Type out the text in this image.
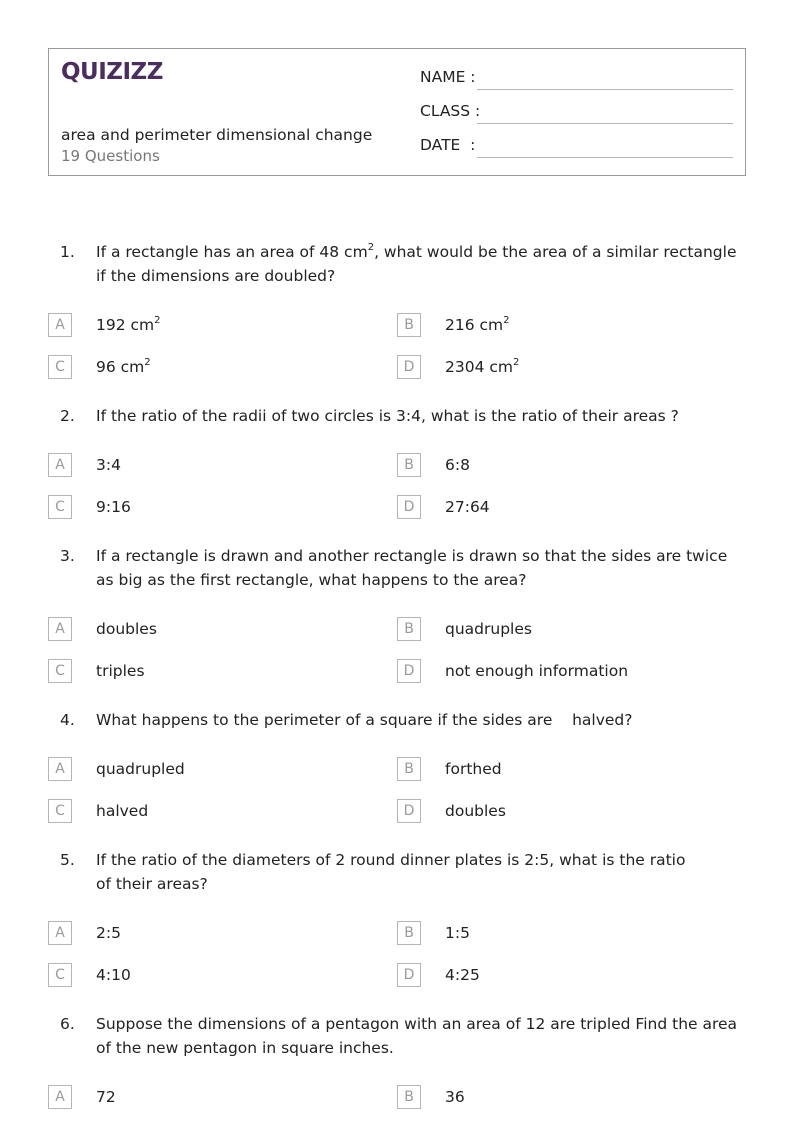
QUIZIZZ
area and perimeter dimensional change
19 Questions
NAME :
CLASS :
DATE  :
1. If a rectangle has an area of 48 $cm^2$, what would be the area of a similar rectangle if the dimensions are doubled?
A	192 $cm^2$	B	216 $cm^2$
C	96 $cm^2$	D	2304 $cm^2$
2. If the ratio of the radii of two circles is 3:4, what is the ratio of their areas ?
A	3:4	B	6:8
C	9:16	D	27:64
3. If a rectangle is drawn and another rectangle is drawn so that the sides are twice as big as the first rectangle, what happens to the area?
A	doubles	B	quadruples
C	triples	D	not enough information
4. What happens to the perimeter of a square if the sides are    halved?
A	quadrupled	B	forthed
C	halved	D	doubles
5. If the ratio of the diameters of 2 round dinner plates is 2:5, what is the ratio of their areas?
A	2:5	B	1:5
C	4:10	D	4:25
6. Suppose the dimensions of a pentagon with an area of 12 are tripled Find the area of the new pentagon in square inches.
A	72	B	36
